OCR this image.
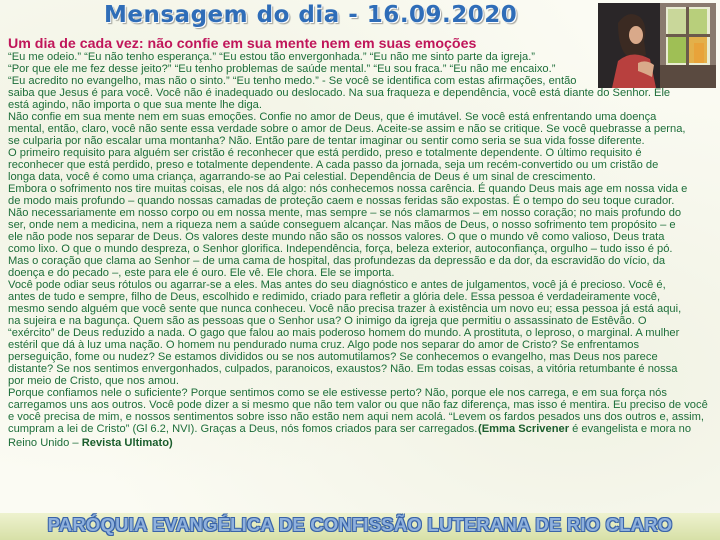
Mensagem do dia - 16.09.2020
Um dia de cada vez: não confie em sua mente nem em suas emoções
“Eu me odeio.” “Eu não tenho esperança.” “Eu estou tão envergonhada.” “Eu não me sinto parte da igreja.”
“Por que ele me fez desse jeito?” “Eu tenho problemas de saúde mental.” “Eu sou fraca.” “Eu não me encaixo.”
“Eu acredito no evangelho, mas não o sinto.” “Eu tenho medo.” - Se você se identifica com estas afirmações, então
saiba que Jesus é para você. Você não é inadequado ou deslocado. Na sua fraqueza e dependência, você está diante do Senhor. Ele
está agindo, não importa o que sua mente lhe diga.
Não confie em sua mente nem em suas emoções. Confie no amor de Deus, que é imutável. Se você está enfrentando uma doença
mental, então, claro, você não sente essa verdade sobre o amor de Deus. Aceite-se assim e não se critique. Se você quebrasse a perna,
se culparia por não escalar uma montanha? Não. Então pare de tentar imaginar ou sentir como seria se sua vida fosse diferente.
O primeiro requisito para alguém ser cristão é reconhecer que está perdido, preso e totalmente dependente. O último requisito é
reconhecer que está perdido, preso e totalmente dependente. A cada passo da jornada, seja um recém-convertido ou um cristão de
longa data, você é como uma criança, agarrando-se ao Pai celestial. Dependência de Deus é um sinal de crescimento.
Embora o sofrimento nos tire muitas coisas, ele nos dá algo: nós conhecemos nossa carência. É quando Deus mais age em nossa vida e
de modo mais profundo – quando nossas camadas de proteção caem e nossas feridas são expostas. É o tempo do seu toque curador.
Não necessariamente em nosso corpo ou em nossa mente, mas sempre – se nós clamarmos – em nosso coração; no mais profundo do
ser, onde nem a medicina, nem a riqueza nem a saúde conseguem alcançar. Nas mãos de Deus, o nosso sofrimento tem propósito – e
ele não pode nos separar de Deus. Os valores deste mundo não são os nossos valores. O que o mundo vê como valioso, Deus trata
como lixo. O que o mundo despreza, o Senhor glorifica. Independência, força, beleza exterior, autoconfiança, orgulho – tudo isso é pó.
Mas o coração que clama ao Senhor – de uma cama de hospital, das profundezas da depressão e da dor, da escravidão do vício, da
doença e do pecado –, este para ele é ouro. Ele vê. Ele chora. Ele se importa.
Você pode odiar seus rótulos ou agarrar-se a eles. Mas antes do seu diagnóstico e antes de julgamentos, você já é precioso. Você é,
antes de tudo e sempre, filho de Deus, escolhido e redimido, criado para refletir a glória dele. Essa pessoa é verdadeiramente você,
mesmo sendo alguém que você sente que nunca conheceu. Você não precisa trazer à existência um novo eu; essa pessoa já está aqui,
na sujeira e na bagunça. Quem são as pessoas que o Senhor usa? O inimigo da igreja que permitiu o assassinato de Estêvão. O
“exército” de Deus reduzido a nada. O gago que falou ao mais poderoso homem do mundo. A prostituta, o leproso, o marginal. A mulher
estéril que dá à luz uma nação. O homem nu pendurado numa cruz. Algo pode nos separar do amor de Cristo? Se enfrentamos
perseguição, fome ou nudez? Se estamos divididos ou se nos automutilamos? Se conhecemos o evangelho, mas Deus nos parece
distante? Se nos sentimos envergonhados, culpados, paranoicos, exaustos? Não. Em todas essas coisas, a vitória retumbante é nossa
por meio de Cristo, que nos amou.
Porque confiamos nele o suficiente? Porque sentimos como se ele estivesse perto? Não, porque ele nos carrega, e em sua força nós
carregamos uns aos outros. Você pode dizer a si mesmo que não tem valor ou que não faz diferença, mas isso é mentira. Eu preciso de você
e você precisa de mim, e nossos sentimentos sobre isso não estão nem aqui nem acolá. “Levem os fardos pesados uns dos outros e, assim,
cumpram a lei de Cristo” (Gl 6.2, NVI). Graças a Deus, nós fomos criados para ser carregados. (Emma Scrivener é evangelista e mora no
Reino Unido – Revista Ultimato)
PARÓQUIA EVANGÉLICA DE CONFISSÃO LUTERANA DE RIO CLARO
